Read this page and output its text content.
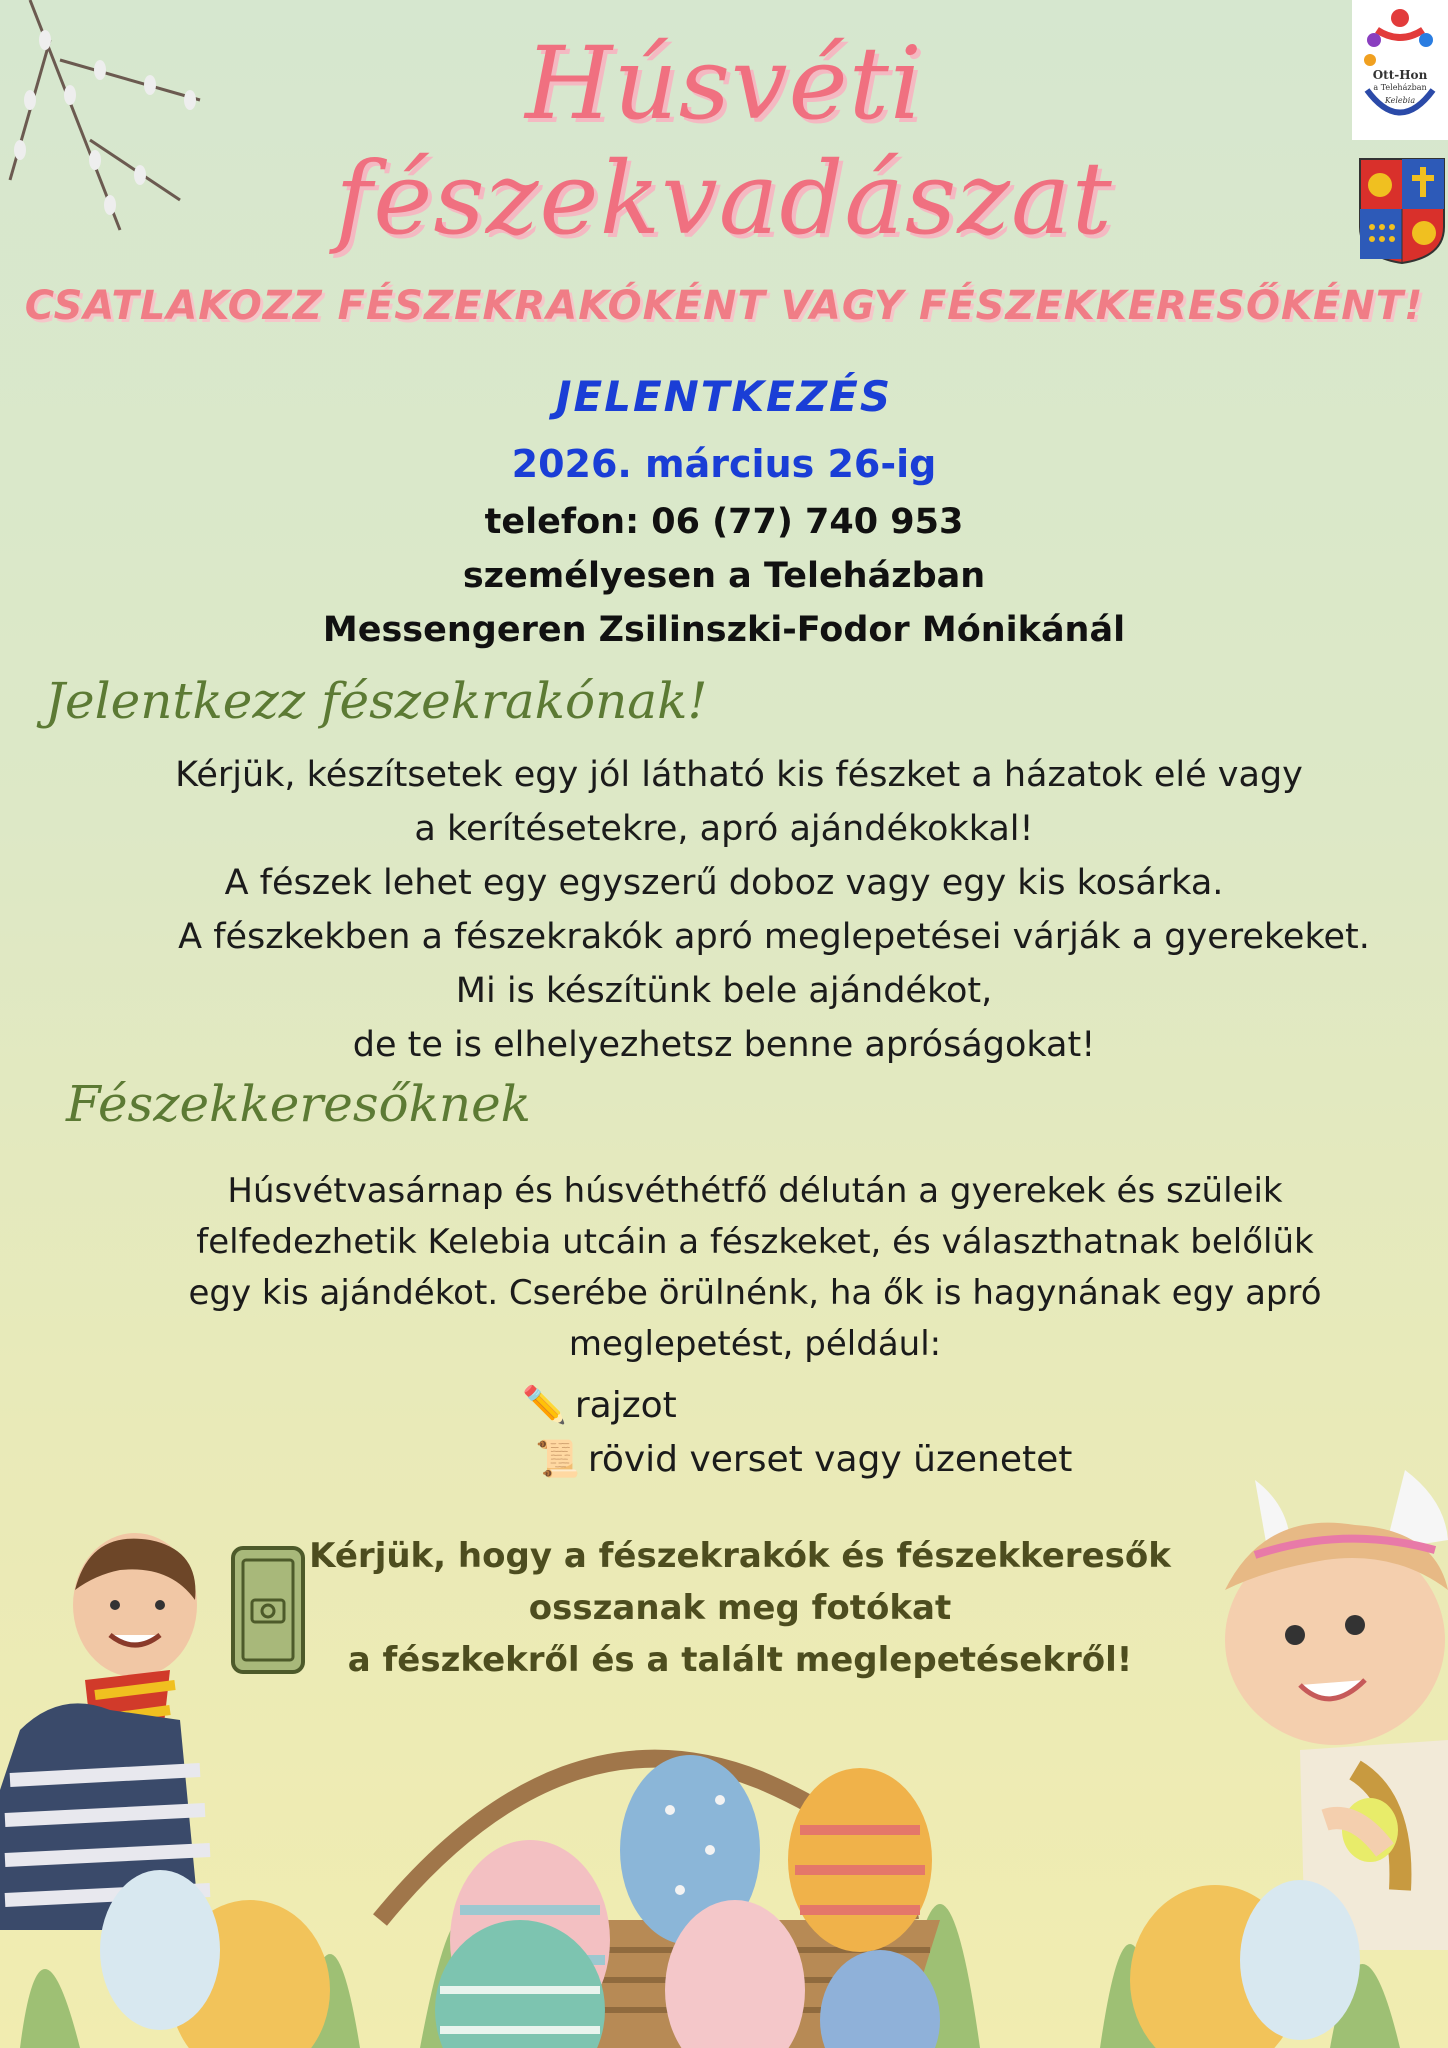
Ott-Hon
a Teleházban
Kelebia
Húsvéti
fészekvadászat
CSATLAKOZZ FÉSZEKRAKÓKÉNT VAGY FÉSZEKKERESŐKÉNT!
JELENTKEZÉS
2026. március 26-ig
telefon: 06 (77) 740 953
személyesen a Teleházban
Messengeren Zsilinszki-Fodor Mónikánál
Jelentkezz fészekrakónak!
Kérjük, készítsetek egy jól látható kis fészket a házatok elé vagy
a kerítésetekre, apró ajándékokkal!
A fészek lehet egy egyszerű doboz vagy egy kis kosárka.
A fészkekben a fészekrakók apró meglepetései várják a gyerekeket.
Mi is készítünk bele ajándékot,
de te is elhelyezhetsz benne apróságokat!
Fészekkeresőknek
Húsvétvasárnap és húsvéthétfő délután a gyerekek és szüleik
felfedezhetik Kelebia utcáin a fészkeket, és választhatnak belőlük
egy kis ajándékot. Cserébe örülnénk, ha ők is hagynának egy apró
meglepetést, például:
✏️ rajzot
📜 rövid verset vagy üzenetet
Kérjük, hogy a fészekrakók és fészekkeresők
osszanak meg fotókat
a fészkekről és a talált meglepetésekről!
